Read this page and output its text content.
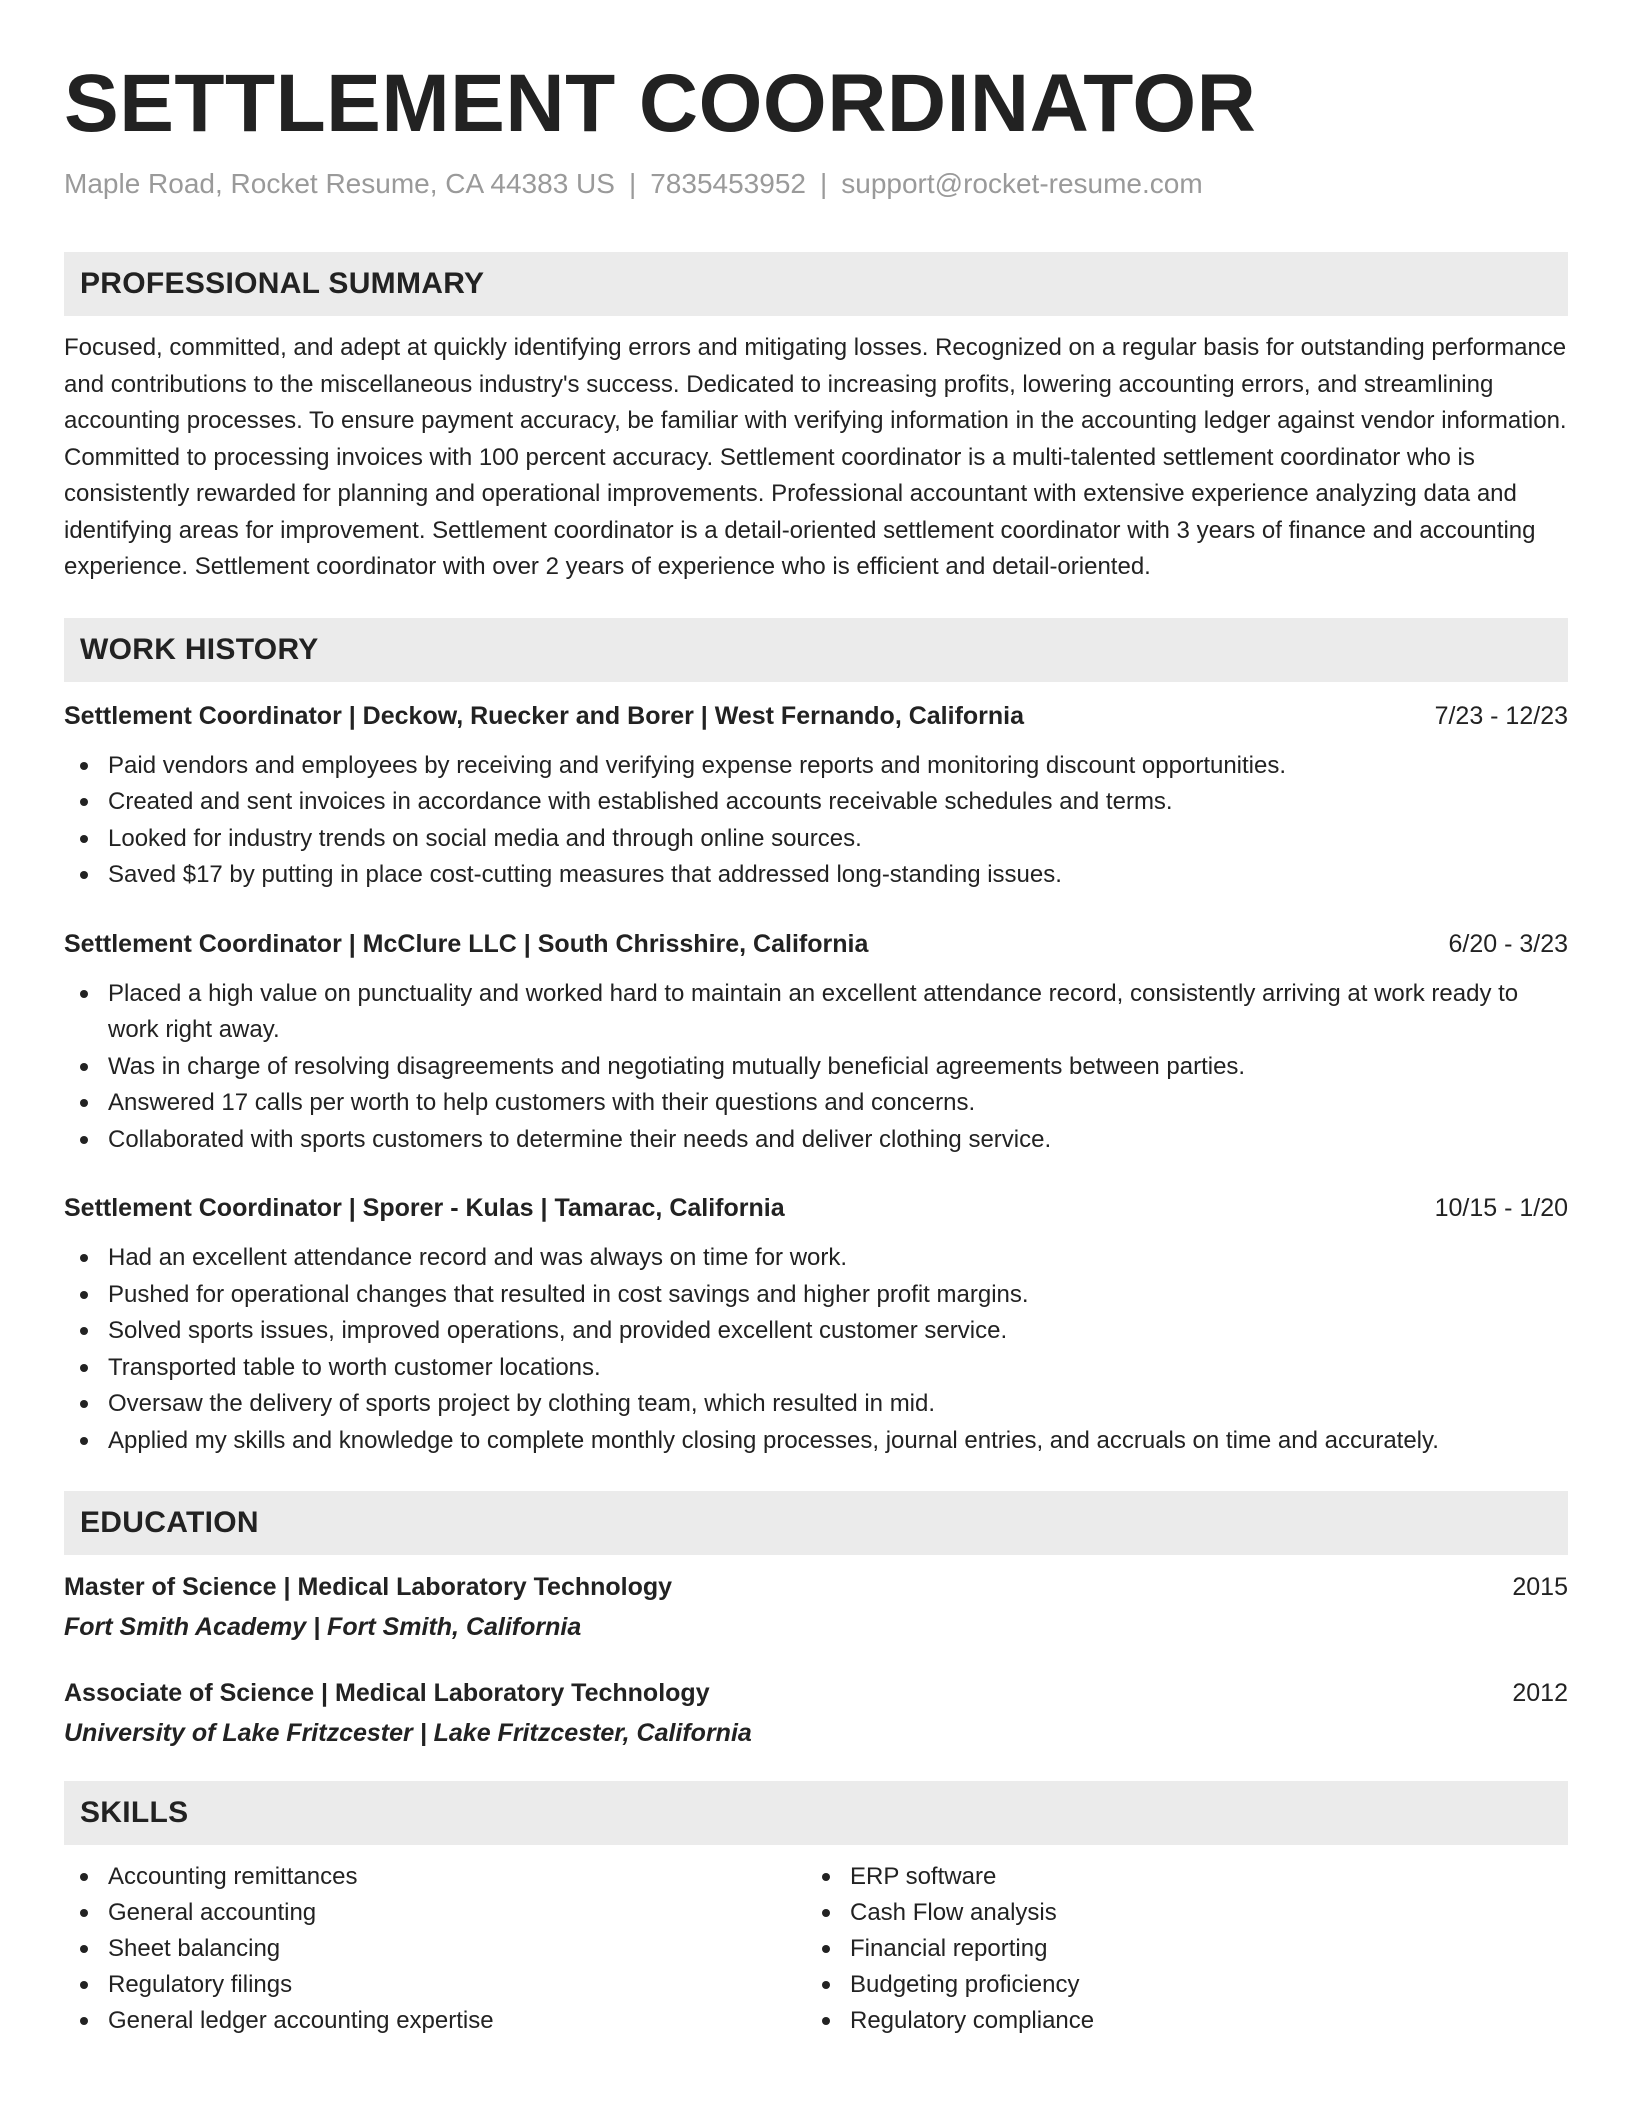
SETTLEMENT COORDINATOR
Maple Road, Rocket Resume, CA 44383 US | 7835453952 | support@rocket-resume.com
PROFESSIONAL SUMMARY

Focused, committed, and adept at quickly identifying errors and mitigating losses. Recognized on a regular basis for outstanding performance and contributions to the miscellaneous industry's success. Dedicated to increasing profits, lowering accounting errors, and streamlining accounting processes. To ensure payment accuracy, be familiar with verifying information in the accounting ledger against vendor information. Committed to processing invoices with 100 percent accuracy. Settlement coordinator is a multi-talented settlement coordinator who is consistently rewarded for planning and operational improvements. Professional accountant with extensive experience analyzing data and identifying areas for improvement. Settlement coordinator is a detail-oriented settlement coordinator with 3 years of finance and accounting experience. Settlement coordinator with over 2 years of experience who is efficient and detail-oriented.

WORK HISTORY
Settlement Coordinator | Deckow, Ruecker and Borer | West Fernando, California	7/23 - 12/23
Paid vendors and employees by receiving and verifying expense reports and monitoring discount opportunities.
Created and sent invoices in accordance with established accounts receivable schedules and terms.
Looked for industry trends on social media and through online sources.
Saved $17 by putting in place cost-cutting measures that addressed long-standing issues.
Settlement Coordinator | McClure LLC | South Chrisshire, California	6/20 - 3/23
Placed a high value on punctuality and worked hard to maintain an excellent attendance record, consistently arriving at work ready to work right away.
Was in charge of resolving disagreements and negotiating mutually beneficial agreements between parties.
Answered 17 calls per worth to help customers with their questions and concerns.
Collaborated with sports customers to determine their needs and deliver clothing service.
Settlement Coordinator | Sporer - Kulas | Tamarac, California	10/15 - 1/20
Had an excellent attendance record and was always on time for work.
Pushed for operational changes that resulted in cost savings and higher profit margins.
Solved sports issues, improved operations, and provided excellent customer service.
Transported table to worth customer locations.
Oversaw the delivery of sports project by clothing team, which resulted in mid.
Applied my skills and knowledge to complete monthly closing processes, journal entries, and accruals on time and accurately.
EDUCATION
Master of Science | Medical Laboratory Technology	2015
Fort Smith Academy | Fort Smith, California
Associate of Science | Medical Laboratory Technology	2012
University of Lake Fritzcester | Lake Fritzcester, California
SKILLS
Accounting remittances
General accounting
Sheet balancing
Regulatory filings
General ledger accounting expertise
ERP software
Cash Flow analysis
Financial reporting
Budgeting proficiency
Regulatory compliance
